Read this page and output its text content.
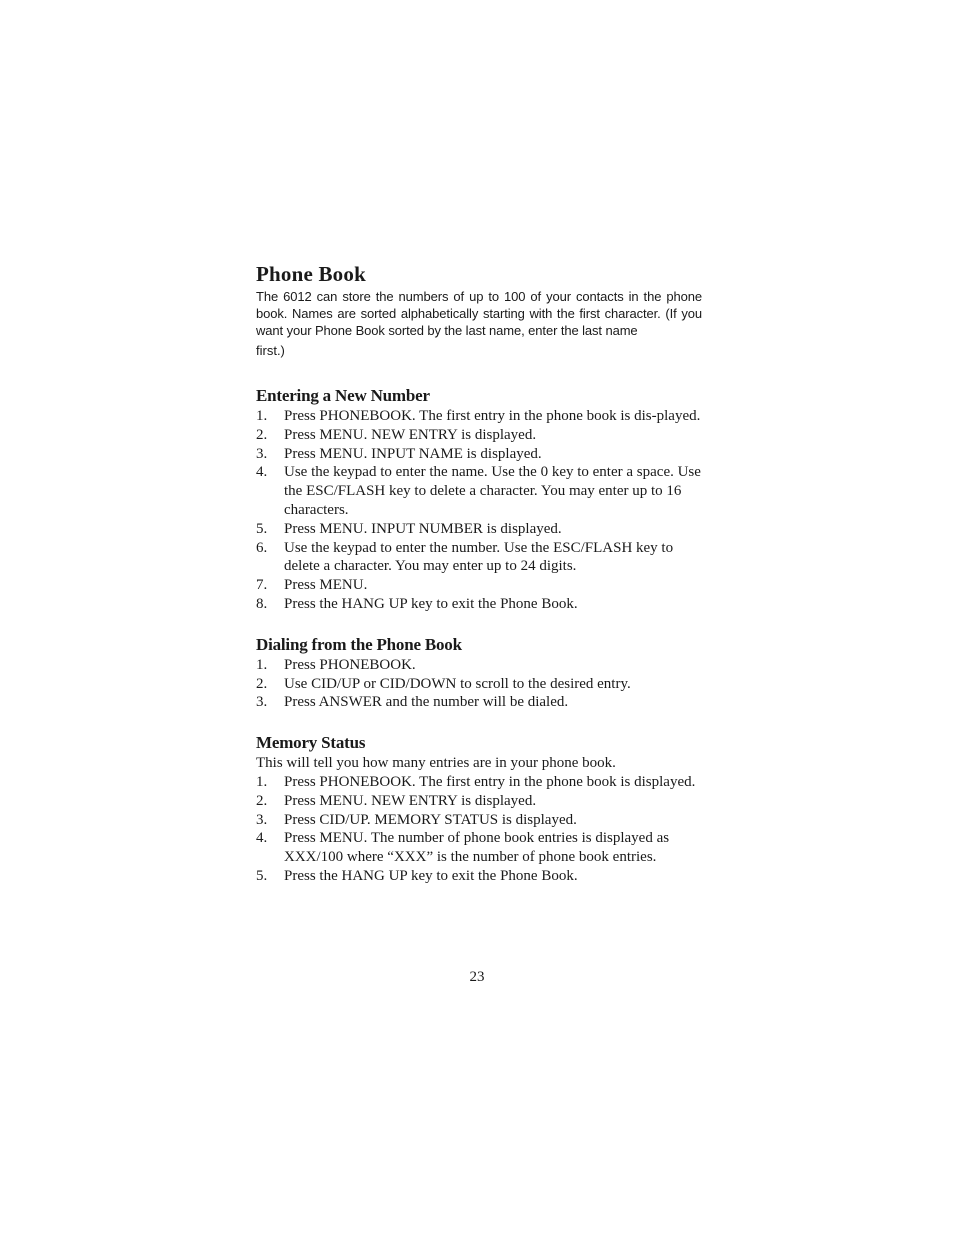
Phone Book

The 6012 can store the numbers of up to 100 of your contacts in the phone book. Names are sorted alphabetically starting with the first character. (If you want your Phone Book sorted by the last name, enter the last name

first.)

Entering a New Number
1. Press PHONEBOOK. The first entry in the phone book is dis-played.
2. Press MENU. NEW ENTRY is displayed.
3. Press MENU. INPUT NAME is displayed.
4. Use the keypad to enter the name. Use the 0 key to enter a space. Use the ESC/FLASH key to delete a character. You may enter up to 16 characters.
5. Press MENU. INPUT NUMBER is displayed.
6. Use the keypad to enter the number. Use the ESC/FLASH key to delete a character. You may enter up to 24 digits.
7. Press MENU.
8. Press the HANG UP key to exit the Phone Book.
Dialing from the Phone Book
1. Press PHONEBOOK.
2. Use CID/UP or CID/DOWN to scroll to the desired entry.
3. Press ANSWER and the number will be dialed.
Memory Status

This will tell you how many entries are in your phone book.

1. Press PHONEBOOK. The first entry in the phone book is displayed.
2. Press MENU. NEW ENTRY is displayed.
3. Press CID/UP. MEMORY STATUS is displayed.
4. Press MENU. The number of phone book entries is displayed as XXX/100 where “XXX” is the number of phone book entries.
5. Press the HANG UP key to exit the Phone Book.
23
